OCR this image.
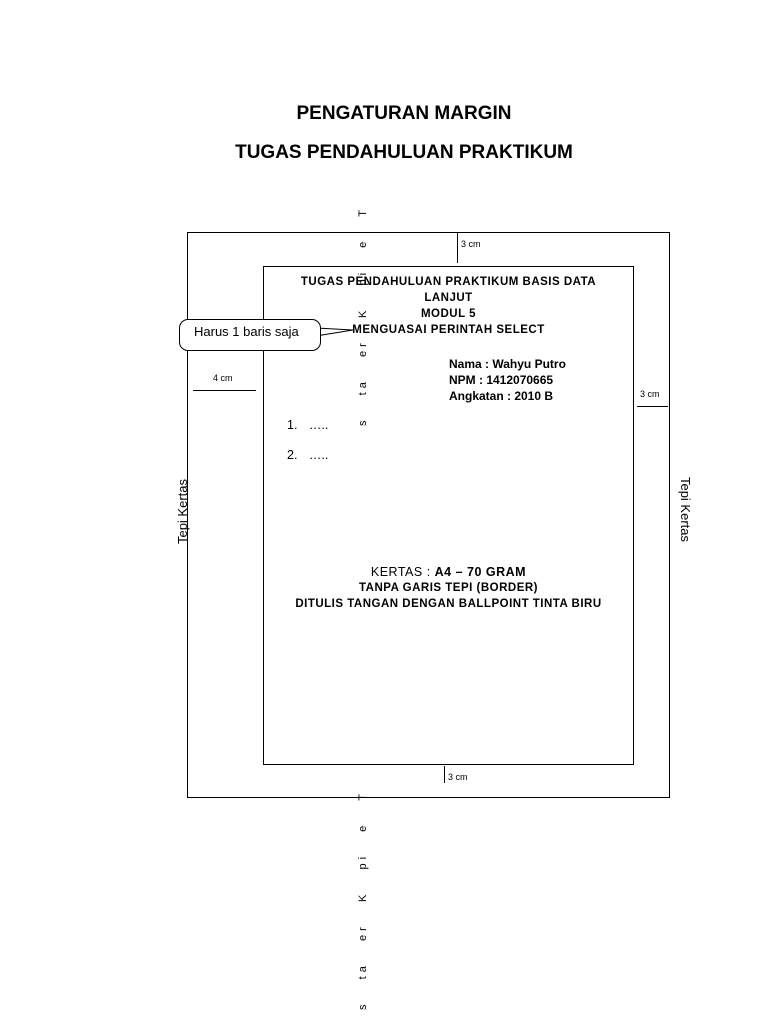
PENGATURAN MARGIN
TUGAS PENDAHULUAN PRAKTIKUM
s   ta   er   K   pi   e   T
s   ta   er   K   pi   e   T
Tepi Kertas	Tepi Kertas
3 cm
3 cm
4 cm
3 cm
Harus 1 baris saja
TUGAS PENDAHULUAN PRAKTIKUM BASIS DATA
LANJUT
MODUL 5
MENGUASAI PERINTAH SELECT
Nama : Wahyu Putro
NPM : 1412070665
Angkatan : 2010 B
1. …..
2. …..
KERTAS : A4 – 70 GRAM
TANPA GARIS TEPI (BORDER)
DITULIS TANGAN DENGAN BALLPOINT TINTA BIRU
